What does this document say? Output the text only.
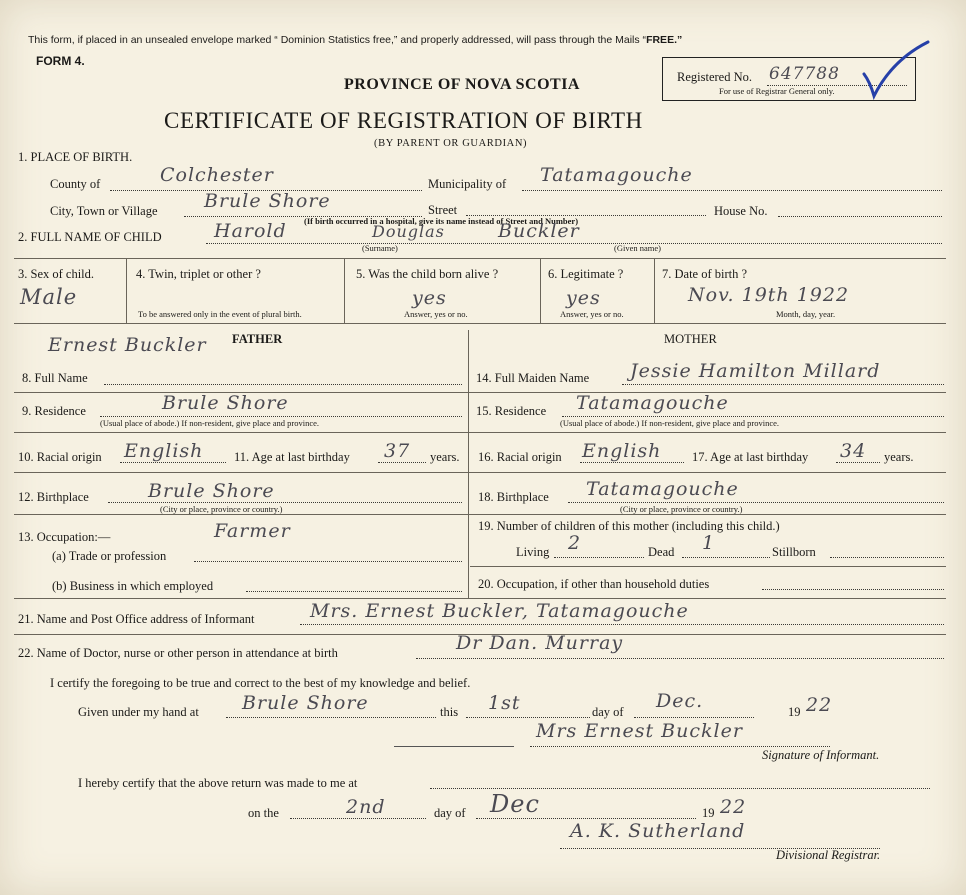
This form, if placed in an unsealed envelope marked “ Dominion Statistics free,” and properly addressed, will pass through the Mails “FREE.”
FORM 4.
PROVINCE OF NOVA SCOTIA
CERTIFICATE OF REGISTRATION OF BIRTH
(BY PARENT OR GUARDIAN)
Registered No. 647788
For use of Registrar General only.
1. PLACE OF BIRTH.
County of	Colchester	Municipality of Tatamagouche
City, Town or Village Brule Shore	Street	House No.
(If birth occurred in a hospital, give its name instead of Street and Number)
2. FULL NAME OF CHILD	Harold	Douglas	Buckler
(Surname)	(Given name)
3. Sex of child.
Male
4. Twin, triplet or other ?
To be answered only in the event of plural birth.
5. Was the child born alive ?
yes
Answer, yes or no.
6. Legitimate ?
yes
Answer, yes or no.
7. Date of birth ?
Nov. 19th 1922
Month, day, year.
Ernest Buckler FATHER	MOTHER
8. Full Name	14. Full Maiden Name Jessie Hamilton Millard
9. Residence	Brule Shore
(Usual place of abode.) If non-resident, give place and province.
15. Residence Tatamagouche
(Usual place of abode.) If non-resident, give place and province.
10. Racial origin English 11. Age at last birthday 37 years. 16. Racial origin English 17. Age at last birthday 34 years.
12. Birthplace	Brule Shore
(City or place, province or country.)
18. Birthplace Tatamagouche
(City or place, province or country.)
13. Occupation:—	Farmer
(a) Trade or profession
(b) Business in which employed
19. Number of children of this mother (including this child.)
Living 2	Dead 1	Stillborn
20. Occupation, if other than household duties
21. Name and Post Office address of Informant	Mrs. Ernest Buckler, Tatamagouche
22. Name of Doctor, nurse or other person in attendance at birth	Dr Dan. Murray
I certify the foregoing to be true and correct to the best of my knowledge and belief.
Given under my hand at Brule Shore	this 1st	day of Dec.	19 22
Mrs Ernest Buckler
Signature of Informant.
I hereby certify that the above return was made to me at
on the	2nd	day of Dec	19 22
A. K. Sutherland
Divisional Registrar.
